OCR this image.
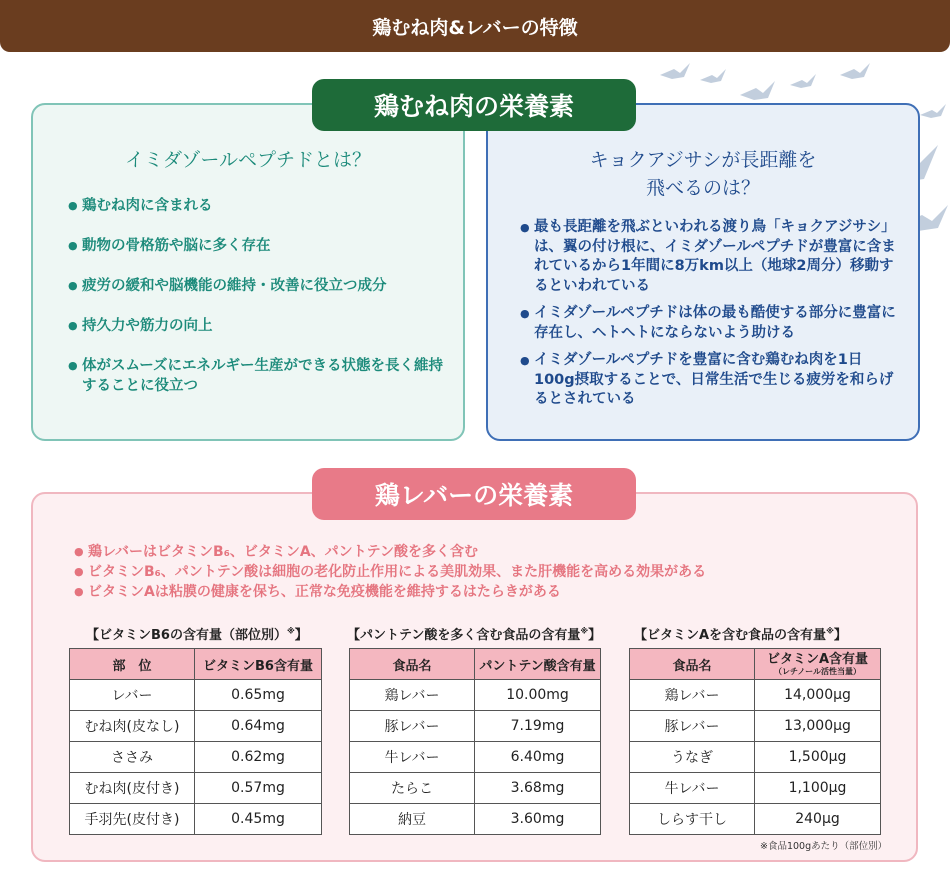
鶏むね肉&レバーの特徴
鶏むね肉の栄養素
イミダゾールペプチドとは？
● 鶏むね肉に含まれる
● 動物の骨格筋や脳に多く存在
● 疲労の緩和や脳機能の維持・改善に役立つ成分
● 持久力や筋力の向上
● 体がスムーズにエネルギー生産ができる状態を長く維持することに役立つ
キョクアジサシが長距離を
飛べるのは？
● 最も長距離を飛ぶといわれる渡り鳥「キョクアジサシ」は、翼の付け根に、イミダゾールペプチドが豊富に含まれているから1年間に8万km以上（地球2周分）移動するといわれている
● イミダゾールペプチドは体の最も酷使する部分に豊富に存在し、ヘトヘトにならないよう助ける
● イミダゾールペプチドを豊富に含む鶏むね肉を1日100g摂取することで、日常生活で生じる疲労を和らげるとされている
鶏レバーの栄養素
● 鶏レバーはビタミンB₆、ビタミンA、パントテン酸を多く含む
● ビタミンB₆、パントテン酸は細胞の老化防止作用による美肌効果、また肝機能を高める効果がある
● ビタミンAは粘膜の健康を保ち、正常な免疫機能を維持するはたらきがある
【ビタミンB6の含有量（部位別）※】
部　位	ビタミンB6含有量
レバー	0.65mg
むね肉(皮なし)	0.64mg
ささみ	0.62mg
むね肉(皮付き)	0.57mg
手羽先(皮付き)	0.45mg
【パントテン酸を多く含む食品の含有量※】
食品名	パントテン酸含有量
鶏レバー	10.00mg
豚レバー	7.19mg
牛レバー	6.40mg
たらこ	3.68mg
納豆	3.60mg
【ビタミンAを含む食品の含有量※】
食品名	ビタミンA含有量
（レチノール活性当量）

鶏レバー	14,000μg
豚レバー	13,000μg
うなぎ	1,500μg
牛レバー	1,100μg
しらす干し	240μg
※食品100gあたり（部位別）
